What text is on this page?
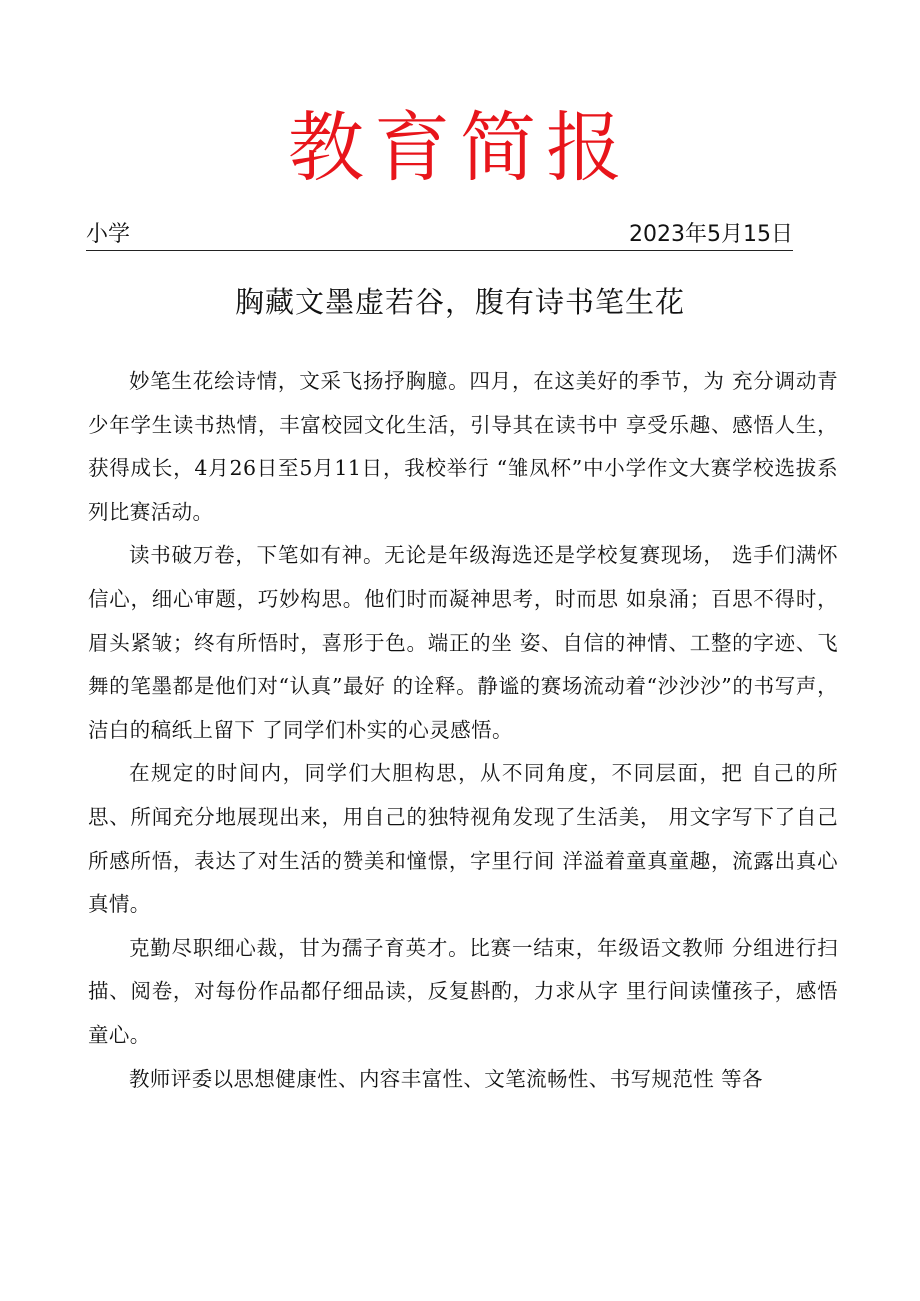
教育简报
小学	2023年5月15日
胸藏文墨虚若谷，腹有诗书笔生花

妙笔生花绘诗情，文采飞扬抒胸臆。四月，在这美好的季节，为 充分调动青少年学生读书热情，丰富校园文化生活，引导其在读书中 享受乐趣、感悟人生，获得成长，4月26日至5月11日，我校举行 “雏凤杯”中小学作文大赛学校选拔系列比赛活动。

读书破万卷，下笔如有神。无论是年级海选还是学校复赛现场， 选手们满怀信心，细心审题，巧妙构思。他们时而凝神思考，时而思 如泉涌；百思不得时，眉头紧皱；终有所悟时，喜形于色。端正的坐 姿、自信的神情、工整的字迹、飞舞的笔墨都是他们对“认真”最好 的诠释。静谧的赛场流动着“沙沙沙”的书写声，洁白的稿纸上留下 了同学们朴实的心灵感悟。

在规定的时间内，同学们大胆构思，从不同角度，不同层面，把 自己的所思、所闻充分地展现出来，用自己的独特视角发现了生活美， 用文字写下了自己所感所悟，表达了对生活的赞美和憧憬，字里行间 洋溢着童真童趣，流露出真心真情。

克勤尽职细心裁，甘为孺子育英才。比赛一结束，年级语文教师 分组进行扫描、阅卷，对每份作品都仔细品读，反复斟酌，力求从字 里行间读懂孩子，感悟童心。

教师评委以思想健康性、内容丰富性、文笔流畅性、书写规范性 等各
